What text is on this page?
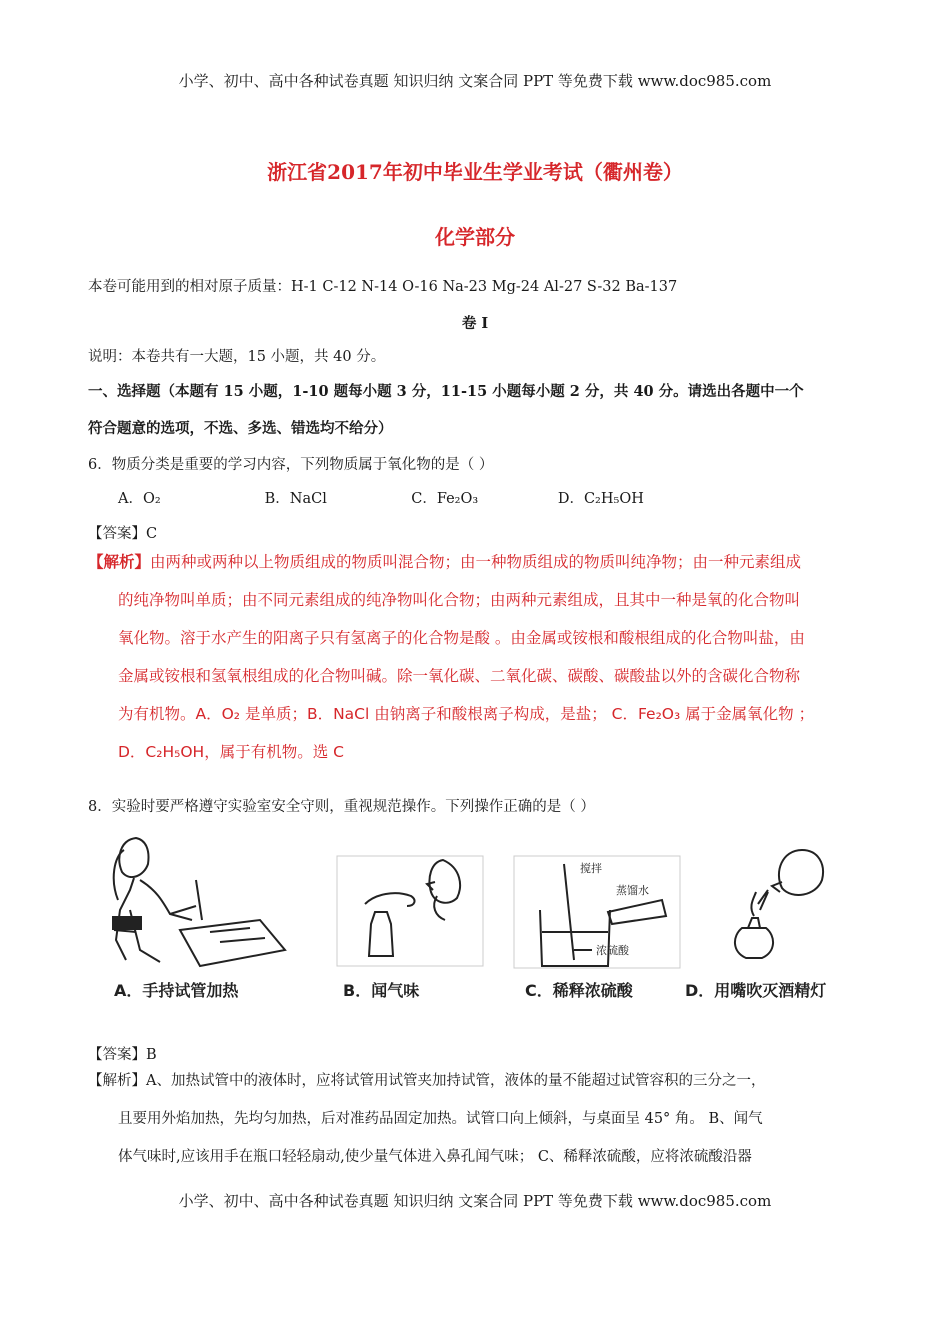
小学、初中、高中各种试卷真题 知识归纳 文案合同 PPT 等免费下载 www.doc985.com
浙江省2017年初中毕业生学业考试（衢州卷）
化学部分
本卷可能用到的相对原子质量：H-1 C-12 N-14 O-16 Na-23 Mg-24 Al-27 S-32 Ba-137
卷 I
说明：本卷共有一大题，15 小题，共 40 分。
一、选择题（本题有 15 小题，1-10 题每小题 3 分，11-15 小题每小题 2 分，共 40 分。请选出各题中一个
符合题意的选项，不选、多选、错选均不给分）
6．物质分类是重要的学习内容，下列物质属于氧化物的是（ ）
A．O₂	B．NaCl	C．Fe₂O₃	D．C₂H₅OH
【答案】C
【解析】由两种或两种以上物质组成的物质叫混合物；由一种物质组成的物质叫纯净物；由一种元素组成
的纯净物叫单质；由不同元素组成的纯净物叫化合物；由两种元素组成，且其中一种是氧的化合物叫
氧化物。溶于水产生的阳离子只有氢离子的化合物是酸 。由金属或铵根和酸根组成的化合物叫盐，由
金属或铵根和氢氧根组成的化合物叫碱。除一氧化碳、二氧化碳、碳酸、碳酸盐以外的含碳化合物称
为有机物。A．O₂ 是单质；B．NaCl 由钠离子和酸根离子构成，是盐； C．Fe₂O₃ 属于金属氧化物 ；
D．C₂H₅OH，属于有机物。选 C
8．实验时要严格遵守实验室安全守则，重视规范操作。下列操作正确的是（ ）
A．手持试管加热	B．闻气味
搅拌
蒸馏水
浓硫酸
C．稀释浓硫酸	D．用嘴吹灭酒精灯
【答案】B
【解析】A、加热试管中的液体时，应将试管用试管夹加持试管，液体的量不能超过试管容积的三分之一，
且要用外焰加热，先均匀加热，后对准药品固定加热。试管口向上倾斜，与桌面呈 45° 角。 B、闻气
体气味时,应该用手在瓶口轻轻扇动,使少量气体进入鼻孔闻气味； C、稀释浓硫酸，应将浓硫酸沿器
小学、初中、高中各种试卷真题 知识归纳 文案合同 PPT 等免费下载 www.doc985.com
